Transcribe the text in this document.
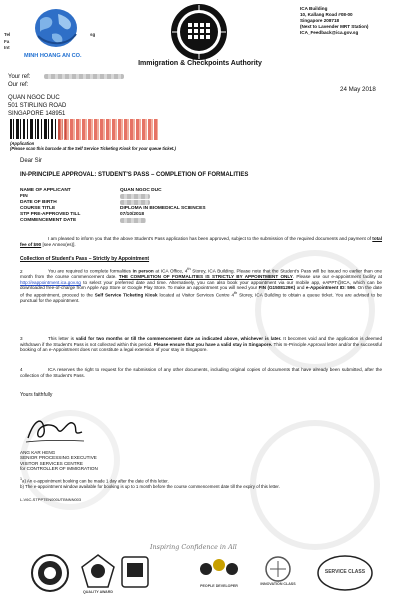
Tel
Fa
Int
sg
MINH HOANG AN CO.
Immigration & Checkpoints Authority
ICA Building
10, Kallang Road #08-00
Singapore 208718
(Next to Lavender MRT Station)
ICA_Feedback@ica.gov.sg
Your ref:
Our ref:
24 May 2018
QUAN NGOC DUC
501 STIRLING ROAD
SINGAPORE 148951
(Application
(Please scan this barcode at the Self Service Ticketing Kiosk for your queue ticket.)
Dear Sir
IN-PRINCIPLE APPROVAL: STUDENT'S PASS – COMPLETION OF FORMALITIES
NAME OF APPLICANT	QUAN NGOC DUC
FIN
DATE OF BIRTH
COURSE TITLE	DIPLOMA IN BIOMEDICAL SCIENCES
STP PRE-APPROVED TILL	07/10/2018
COMMENCEMENT DATE
I am pleased to inform you that the above Student's Pass application has been approved, subject to the submission of the required documents and payment of total fee of $90 [see Annex(es)].
Collection of Student's Pass – Strictly by Appointment
2	You are required to complete formalities in person at ICA Office, 4th Storey, ICA Building. Please note that the Student's Pass will be issued no earlier than one month from the course commencement date. THE COMPLETION OF FORMALITIES IS STRICTLY BY APPOINTMENT ONLY. Please use our e-appointment facility at http://eappointment.ica.gov.sg to select your preferred date and time. Alternatively, you can also book your appointment via our mobile app, eAPPT@ICA, which can be downloaded free-of-charge from Apple App Store or Google Play Store. To make an appointment you will need your FIN (G1508129K) and e-Appointment ID: 596. On the date of the appointment, proceed to the Self Service Ticketing Kiosk located at Visitor Services Centre 4th Storey, ICA Building to obtain a queue ticket. You are advised to be punctual for the appointment.
3	This letter is valid for two months or till the commencement date as indicated above, whichever is later. It becomes void and the application is deemed withdrawn if the Student's Pass is not collected within this period. Please ensure that you have a valid stay in Singapore. This In-Principle Approval letter and/or the successful booking of an e-Appointment does not constitute a legal extension of your stay in Singapore.
4	ICA reserves the right to request for the submission of any other documents, including original copies of documents that have already been submitted, after the collection of the Student's Pass.
Yours faithfully
ANG KAR HENG
SENIOR PROCESSING EXECUTIVE
VISITOR SERVICES CENTRE
for CONTROLLER OF IMMIGRATION
$^1$a) An e-appointment booking can be made 1 day after the date of this letter.
b) The e-appointment window available for booking is up to 1 month before the course commencement date till the expiry of this letter.
L-V6C-STPPTEN000UTBNNN003
Inspiring Confidence in All
QUALITY AWARD
PEOPLE DEVELOPER	INNOVATION CLASS
SERVICE CLASS
